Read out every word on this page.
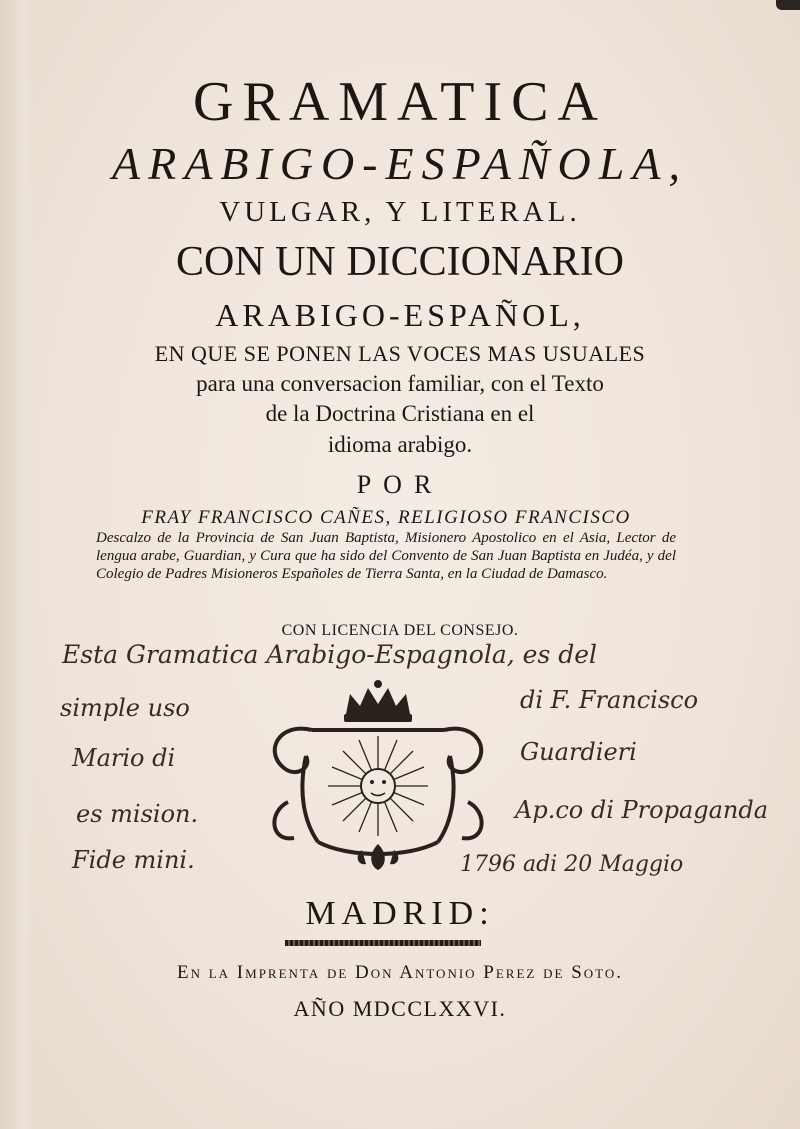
GRAMATICA
ARABIGO-ESPAÑOLA,
VULGAR, Y LITERAL.
CON UN DICCIONARIO
ARABIGO-ESPAÑOL,
EN QUE SE PONEN LAS VOCES MAS USUALES
para una conversacion familiar, con el Texto
de la Doctrina Cristiana en el
idioma arabigo.
POR
FRAY FRANCISCO CAÑES, RELIGIOSO FRANCISCO
Descalzo de la Provincia de San Juan Baptista, Misionero Apostolico en el Asia, Lector de lengua arabe, Guardian, y Cura que ha sido del Convento de San Juan Baptista en Judéa, y del Colegio de Padres Misioneros Españoles de Tierra Santa, en la Ciudad de Damasco.
CON LICENCIA DEL CONSEJO.
Esta Gramatica Arabigo-Espagnola, es del
simple uso	di F. Francisco
Mario di	Guardieri
es mision.	Ap.co di Propaganda
Fide mini.	1796 adi 20 Maggio
MADRID:
En la Imprenta de Don Antonio Perez de Soto.
AÑO MDCCLXXVI.
